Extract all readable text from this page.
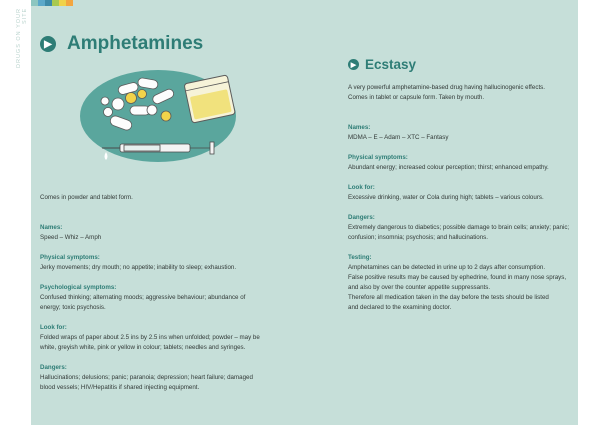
DRUGS ON YOUR SITE
▶ Amphetamines
Comes in powder and tablet form.
Names:
Speed – Whiz – Amph
Physical symptoms:
Jerky movements; dry mouth; no appetite; inability to sleep; exhaustion.
Psychological symptoms:
Confused thinking; alternating moods; aggressive behaviour; abundance of
energy; toxic psychosis.
Look for:
Folded wraps of paper about 2.5 ins by 2.5 ins when unfolded; powder – may be
white, greyish white, pink or yellow in colour; tablets; needles and syringes.
Dangers:
Hallucinations; delusions; panic; paranoia; depression; heart failure; damaged
blood vessels; HIV/Hepatitis if shared injecting equipment.
▶ Ecstasy
A very powerful amphetamine-based drug having hallucinogenic effects.
Comes in tablet or capsule form. Taken by mouth.
Names:
MDMA – E – Adam – XTC – Fantasy
Physical symptoms:
Abundant energy; increased colour perception; thirst; enhanced empathy.
Look for:
Excessive drinking, water or Cola during high; tablets – various colours.
Dangers:
Extremely dangerous to diabetics; possible damage to brain cells; anxiety; panic;
confusion; insomnia; psychosis; and hallucinations.
Testing:
Amphetamines can be detected in urine up to 2 days after consumption.
False positive results may be caused by ephedrine, found in many nose sprays,
and also by over the counter appetite suppressants.
Therefore all medication taken in the day before the tests should be listed
and declared to the examining doctor.
